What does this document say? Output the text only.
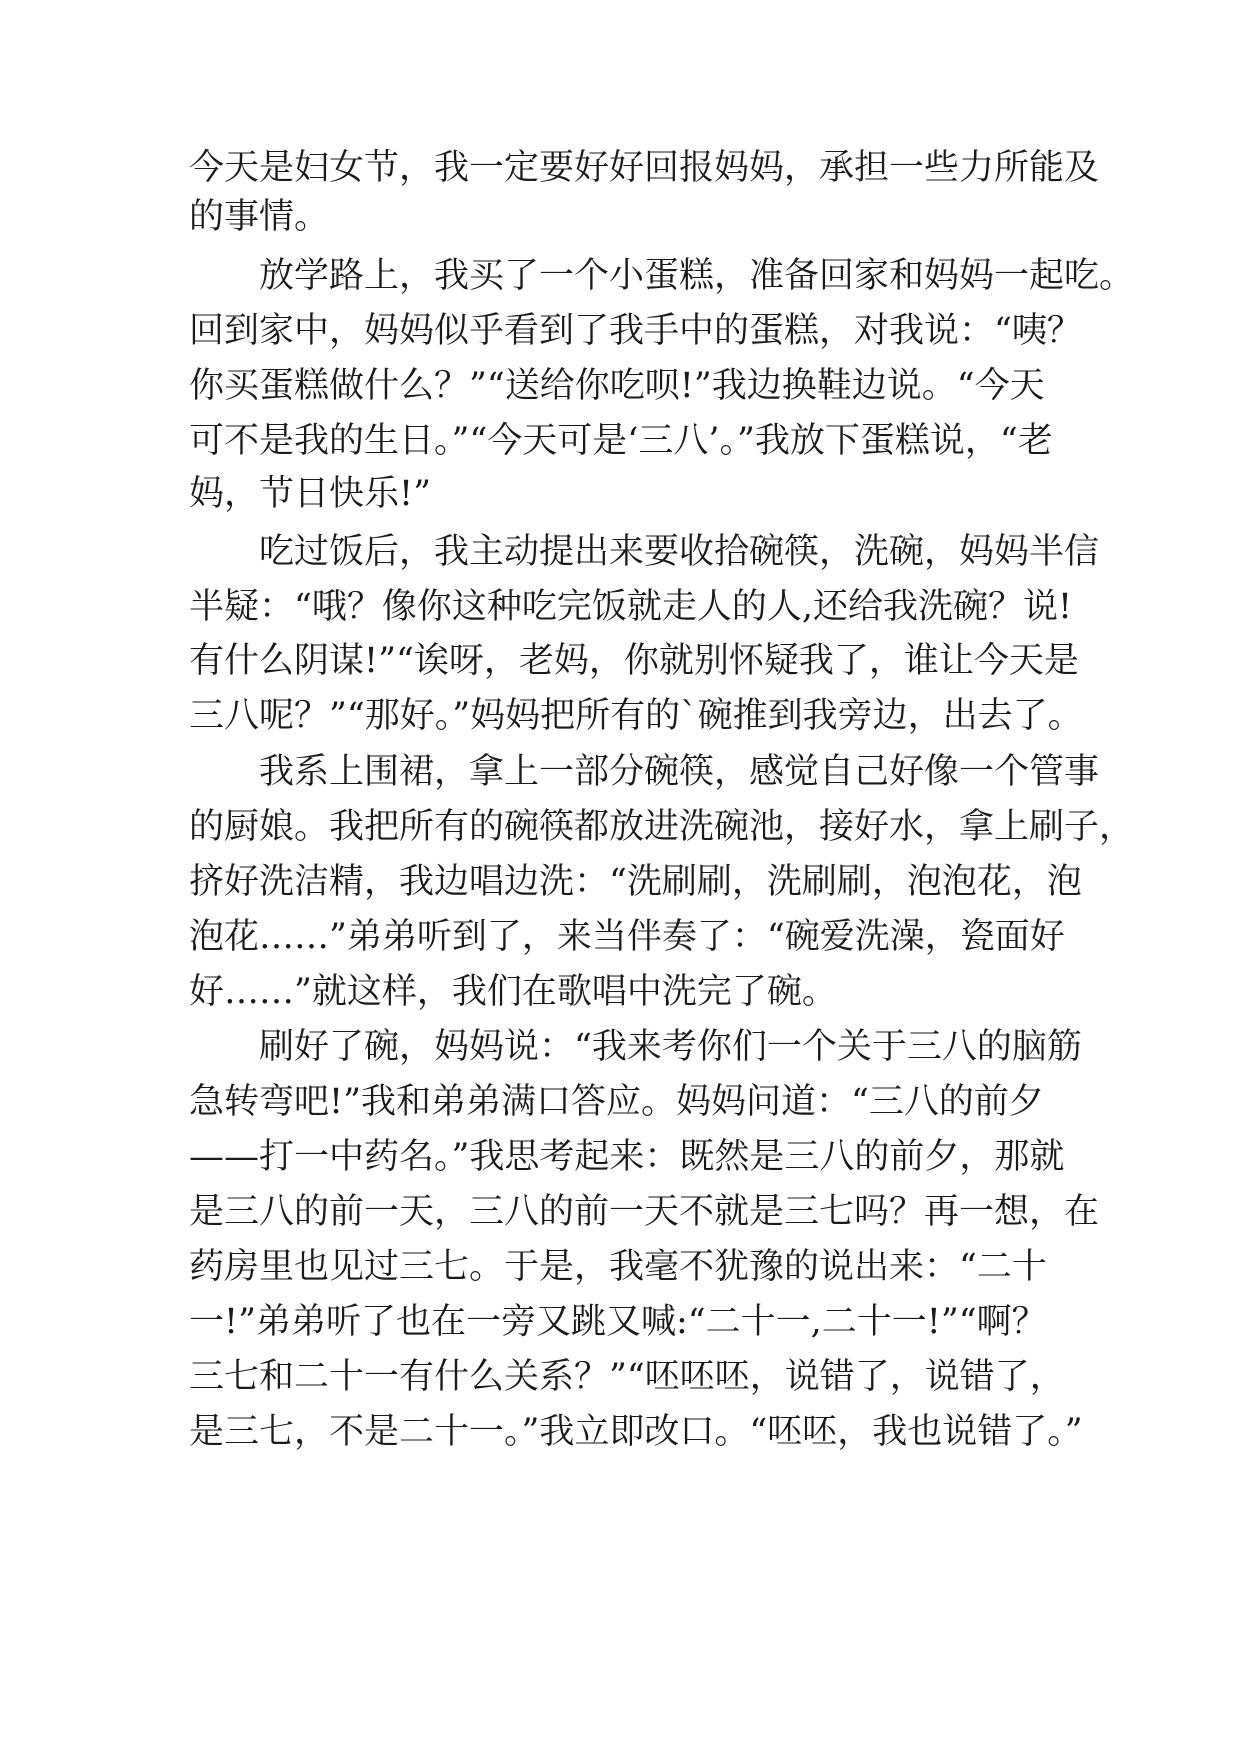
今天是妇女节，我一定要好好回报妈妈，承担一些力所能及

的事情。

　　放学路上，我买了一个小蛋糕，准备回家和妈妈一起吃。

回到家中，妈妈似乎看到了我手中的蛋糕，对我说：“咦？

你买蛋糕做什么？”“送给你吃呗!”我边换鞋边说。“今天

可不是我的生日。”“今天可是‘三八’。”我放下蛋糕说，“老

妈，节日快乐!”

　　吃过饭后，我主动提出来要收拾碗筷，洗碗，妈妈半信

半疑：“哦？像你这种吃完饭就走人的人,还给我洗碗？说!

有什么阴谋!”“诶呀，老妈，你就别怀疑我了，谁让今天是

三八呢？”“那好。”妈妈把所有的`碗推到我旁边，出去了。

　　我系上围裙，拿上一部分碗筷，感觉自己好像一个管事

的厨娘。我把所有的碗筷都放进洗碗池，接好水，拿上刷子，

挤好洗洁精，我边唱边洗：“洗刷刷，洗刷刷，泡泡花，泡

泡花……”弟弟听到了，来当伴奏了：“碗爱洗澡，瓷面好

好……”就这样，我们在歌唱中洗完了碗。

　　刷好了碗，妈妈说：“我来考你们一个关于三八的脑筋

急转弯吧!”我和弟弟满口答应。妈妈问道：“三八的前夕

——打一中药名。”我思考起来：既然是三八的前夕，那就

是三八的前一天，三八的前一天不就是三七吗？再一想，在

药房里也见过三七。于是，我毫不犹豫的说出来：“二十

一!”弟弟听了也在一旁又跳又喊:“二十一,二十一!”“啊？

三七和二十一有什么关系？”“呸呸呸，说错了，说错了，

是三七，不是二十一。”我立即改口。“呸呸，我也说错了。”
